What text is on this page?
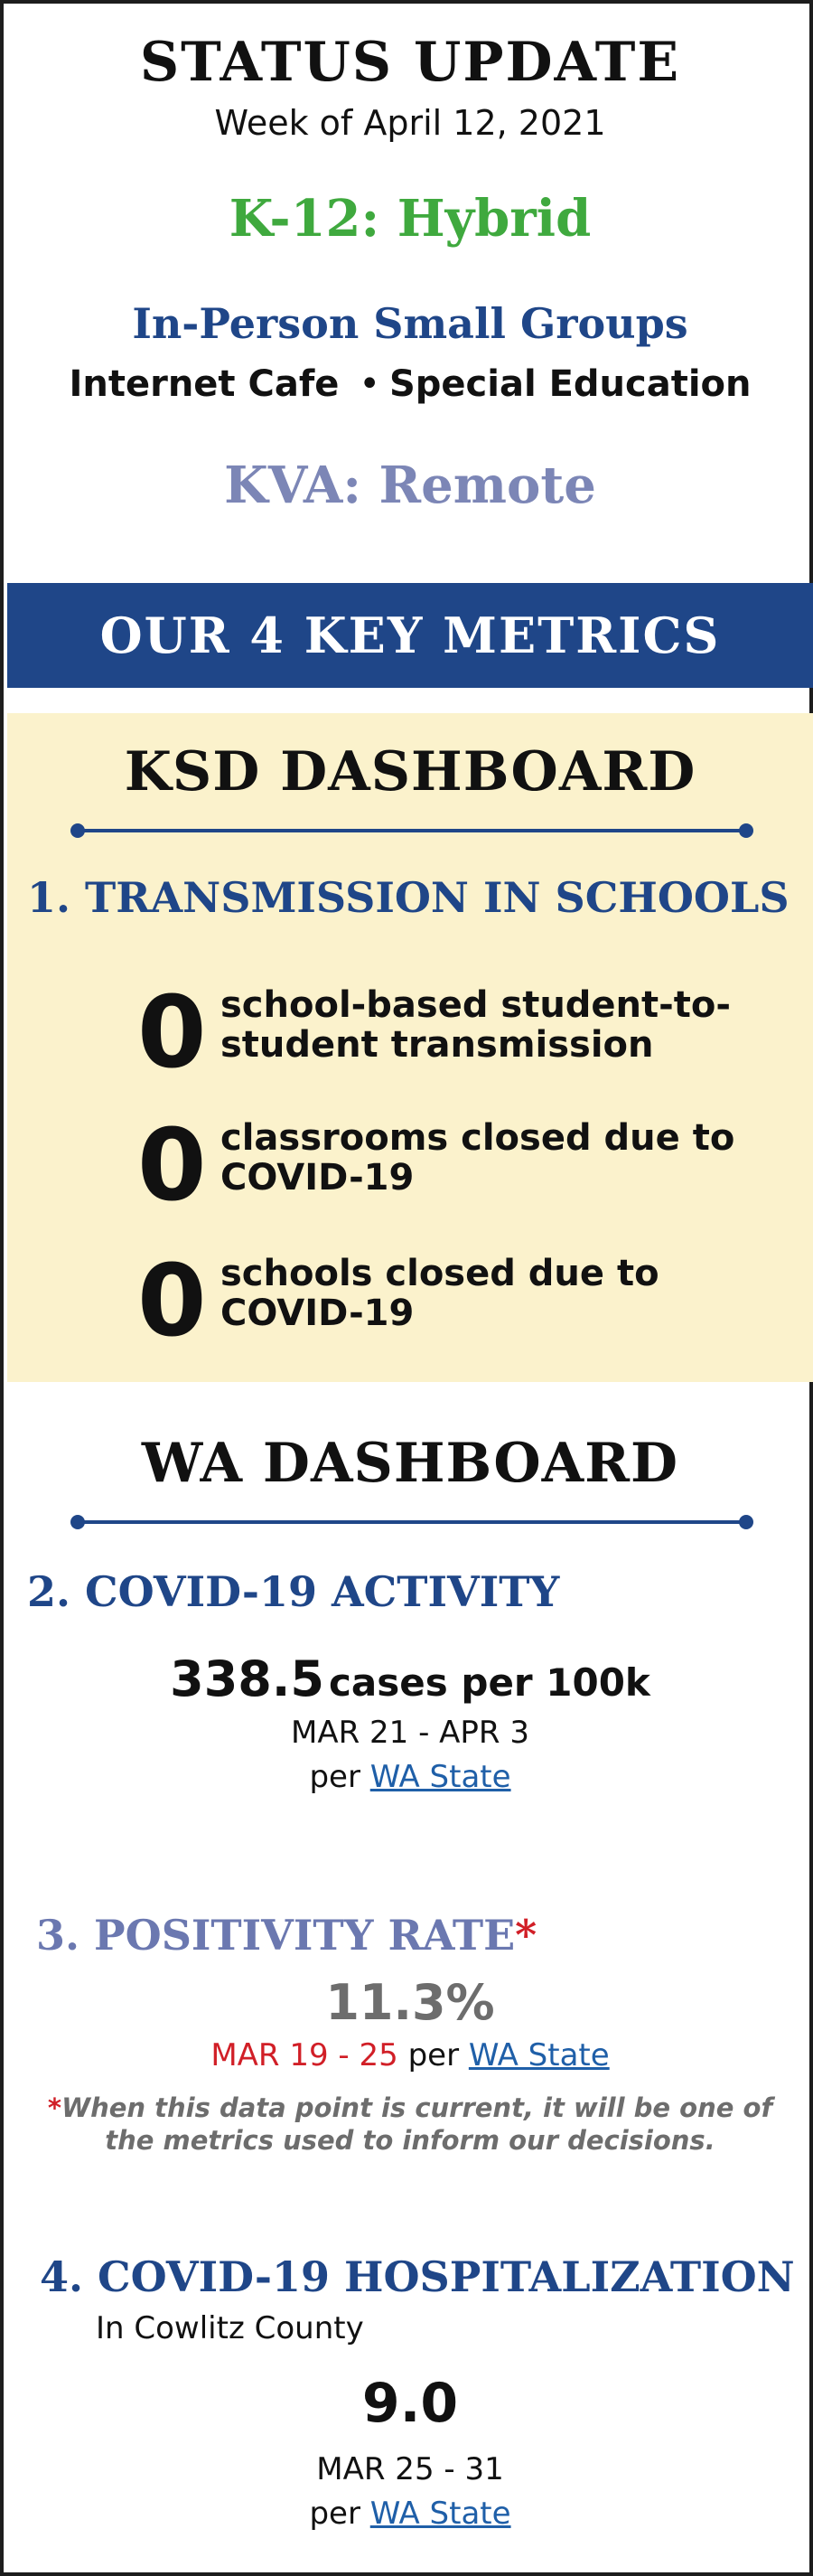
STATUS UPDATE
Week of April 12, 2021
K-12: Hybrid
In-Person Small Groups
Internet Cafe • Special Education
KVA: Remote
OUR 4 KEY METRICS
KSD DASHBOARD
1. TRANSMISSION IN SCHOOLS
0 school-based student-to-student transmission
0 classrooms closed due to COVID-19
0 schools closed due to COVID-19
WA DASHBOARD
2. COVID-19 ACTIVITY
338.5 cases per 100k
MAR 21 - APR 3
per WA State
3. POSITIVITY RATE*
11.3%
MAR 19 - 25 per WA State
*When this data point is current, it will be one of
the metrics used to inform our decisions.
4. COVID-19 HOSPITALIZATION
In Cowlitz County
9.0
MAR 25 - 31
per WA State
